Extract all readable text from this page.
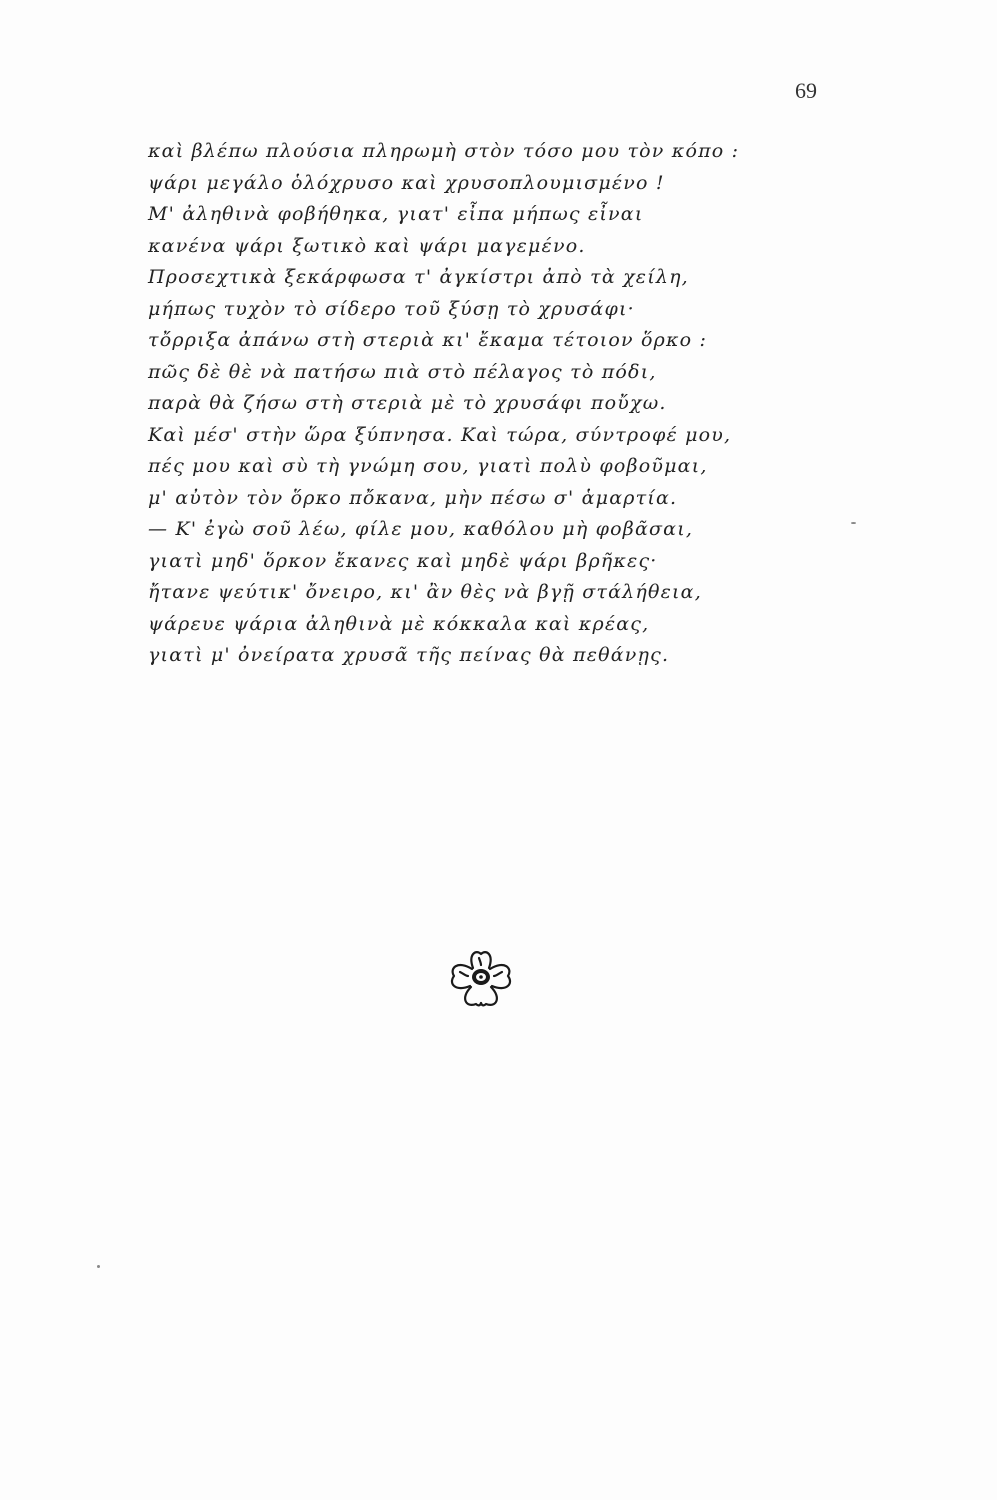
69
καὶ βλέπω πλούσια πληρωμὴ στὸν τόσο μου τὸν κόπο :
ψάρι μεγάλο ὁλόχρυσο καὶ χρυσοπλουμισμένο !
Μ' ἀληθινὰ φοβήθηκα, γιατ' εἶπα μήπως εἶναι
κανένα ψάρι ξωτικὸ καὶ ψάρι μαγεμένο.
Προσεχτικὰ ξεκάρφωσα τ' ἀγκίστρι ἀπὸ τὰ χείλη,
μήπως τυχὸν τὸ σίδερο τοῦ ξύσῃ τὸ χρυσάφι·
τὄρριξα ἀπάνω στὴ στεριὰ κι' ἔκαμα τέτοιον ὅρκο :
πῶς δὲ θὲ νὰ πατήσω πιὰ στὸ πέλαγος τὸ πόδι,
παρὰ θὰ ζήσω στὴ στεριὰ μὲ τὸ χρυσάφι ποὔχω.
Καὶ μέσ' στὴν ὥρα ξύπνησα. Καὶ τώρα, σύντροφέ μου,
πές μου καὶ σὺ τὴ γνώμη σου, γιατὶ πολὺ φοβοῦμαι,
μ' αὐτὸν τὸν ὅρκο πὄκανα, μὴν πέσω σ' ἁμαρτία.
— Κ' ἐγὼ σοῦ λέω, φίλε μου, καθόλου μὴ φοβᾶσαι,
γιατὶ μηδ' ὅρκον ἔκανες καὶ μηδὲ ψάρι βρῆκες·
ἤτανε ψεύτικ' ὄνειρο, κι' ἂν θὲς νὰ βγῇ στάλήθεια,
ψάρευε ψάρια ἀληθινὰ μὲ κόκκαλα καὶ κρέας,
γιατὶ μ' ὀνείρατα χρυσᾶ τῆς πείνας θὰ πεθάνῃς.
